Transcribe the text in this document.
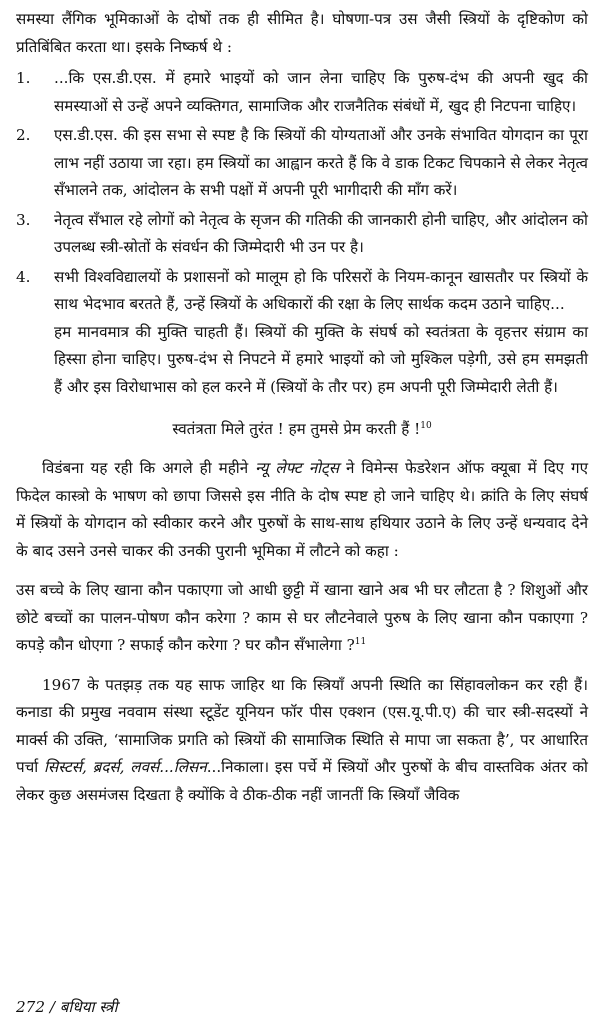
समस्या लैंगिक भूमिकाओं के दोषों तक ही सीमित है। घोषणा-पत्र उस जैसी स्त्रियों के दृष्टिकोण को प्रतिबिंबित करता था। इसके निष्कर्ष थे :

1.	...कि एस.डी.एस. में हमारे भाइयों को जान लेना चाहिए कि पुरुष-दंभ की अपनी खुद की समस्याओं से उन्हें अपने व्यक्तिगत, सामाजिक और राजनैतिक संबंधों में, खुद ही निटपना चाहिए।
2.	एस.डी.एस. की इस सभा से स्पष्ट है कि स्त्रियों की योग्यताओं और उनके संभावित योगदान का पूरा लाभ नहीं उठाया जा रहा। हम स्त्रियों का आह्वान करते हैं कि वे डाक टिकट चिपकाने से लेकर नेतृत्व सँभालने तक, आंदोलन के सभी पक्षों में अपनी पूरी भागीदारी की माँग करें।
3.	नेतृत्व सँभाल रहे लोगों को नेतृत्व के सृजन की गतिकी की जानकारी होनी चाहिए, और आंदोलन को उपलब्ध स्त्री-स्रोतों के संवर्धन की जिम्मेदारी भी उन पर है।
4.	सभी विश्वविद्यालयों के प्रशासनों को मालूम हो कि परिसरों के नियम-कानून खासतौर पर स्त्रियों के साथ भेदभाव बरतते हैं, उन्हें स्त्रियों के अधिकारों की रक्षा के लिए सार्थक कदम उठाने चाहिए...

हम मानवमात्र की मुक्ति चाहती हैं। स्त्रियों की मुक्ति के संघर्ष को स्वतंत्रता के वृहत्तर संग्राम का हिस्सा होना चाहिए। पुरुष-दंभ से निपटने में हमारे भाइयों को जो मुश्किल पड़ेगी, उसे हम समझती हैं और इस विरोधाभास को हल करने में (स्त्रियों के तौर पर) हम अपनी पूरी जिम्मेदारी लेती हैं।

स्वतंत्रता मिले तुरंत ! हम तुमसे प्रेम करती हैं !$^{10}$

विडंबना यह रही कि अगले ही महीने न्यू लेफ्ट नोट्स ने विमेन्स फेडरेशन ऑफ क्यूबा में दिए गए फिदेल कास्त्रो के भाषण को छापा जिससे इस नीति के दोष स्पष्ट हो जाने चाहिए थे। क्रांति के लिए संघर्ष में स्त्रियों के योगदान को स्वीकार करने और पुरुषों के साथ-साथ हथियार उठाने के लिए उन्हें धन्यवाद देने के बाद उसने उनसे चाकर की उनकी पुरानी भूमिका में लौटने को कहा :

उस बच्चे के लिए खाना कौन पकाएगा जो आधी छुट्टी में खाना खाने अब भी घर लौटता है ? शिशुओं और छोटे बच्चों का पालन-पोषण कौन करेगा ? काम से घर लौटनेवाले पुरुष के लिए खाना कौन पकाएगा ? कपड़े कौन धोएगा ? सफाई कौन करेगा ? घर कौन सँभालेगा ?$^{11}$

1967 के पतझड़ तक यह साफ जाहिर था कि स्त्रियाँ अपनी स्थिति का सिंहावलोकन कर रही हैं। कनाडा की प्रमुख नववाम संस्था स्टूडेंट यूनियन फॉर पीस एक्शन (एस.यू.पी.ए) की चार स्त्री-सदस्यों ने मार्क्स की उक्ति, ‘सामाजिक प्रगति को स्त्रियों की सामाजिक स्थिति से मापा जा सकता है’, पर आधारित पर्चा सिस्टर्स, ब्रदर्स, लवर्स...लिसन...निकाला। इस पर्चे में स्त्रियों और पुरुषों के बीच वास्तविक अंतर को लेकर कुछ असमंजस दिखता है क्योंकि वे ठीक-ठीक नहीं जानतीं कि स्त्रियाँ जैविक

272 / बधिया स्त्री
